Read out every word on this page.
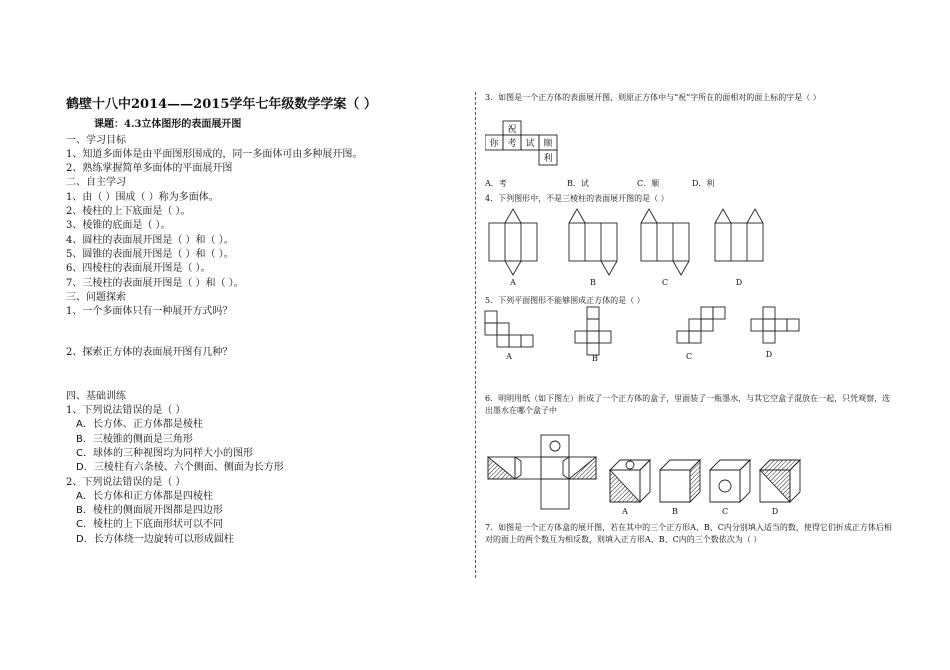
鹤壁十八中2014——2015学年七年级数学学案（ ）
课题：4.3立体图形的表面展开图
一、学习目标
1、知道多面体是由平面图形围成的，同一多面体可由多种展开图。
2、熟练掌握简单多面体的平面展开图
二、自主学习
1、由（ ）围成（ ）称为多面体。
2、棱柱的上下底面是（ ）。
3、棱锥的底面是（ ）。
4、圆柱的表面展开图是（ ）和（ ）。
5、圆锥的表面展开图是（ ）和（ ）。
6、四棱柱的表面展开图是（ ）。
7、三棱柱的表面展开图是（ ）和（ ）。
三、问题探索
1、一个多面体只有一种展开方式吗？
2、探索正方体的表面展开图有几种？
四、基础训练
1、下列说法错误的是（ ）
A．长方体、正方体都是棱柱
B．三棱锥的侧面是三角形
C．球体的三种视图均为同样大小的图形
D．三棱柱有六条棱、六个侧面、侧面为长方形
2、下列说法错误的是（ ）
A．长方体和正方体都是四棱柱
B．棱柱的侧面展开图都是四边形
C．棱柱的上下底面形状可以不同
D．长方体绕一边旋转可以形成圆柱

3．如图是一个正方体的表面展开图，则原正方体中与“祝”字所在的面相对的面上标的字是（ ）

祝
你 考 试 顺
利
A．考	B．试	C．顺	D．利
4．下列图形中，不是三棱柱的表面展开图的是（ ）
A	B	C	D
5．下列平面图形不能够围成正方体的是（ ）
A	B	C	D
6．明明用纸（如下图左）折成了一个正方体的盒子，里面装了一瓶墨水，与其它空盒子混放在一起，只凭观察，选出墨水在哪个盒子中
A	B	C	D
7．如图是一个正方体盒的展开图，若在其中的三个正方形A、B、C内分别填入适当的数，使得它们折成正方体后相对的面上的两个数互为相反数，则填入正方形A、B、C内的三个数依次为（ ）
